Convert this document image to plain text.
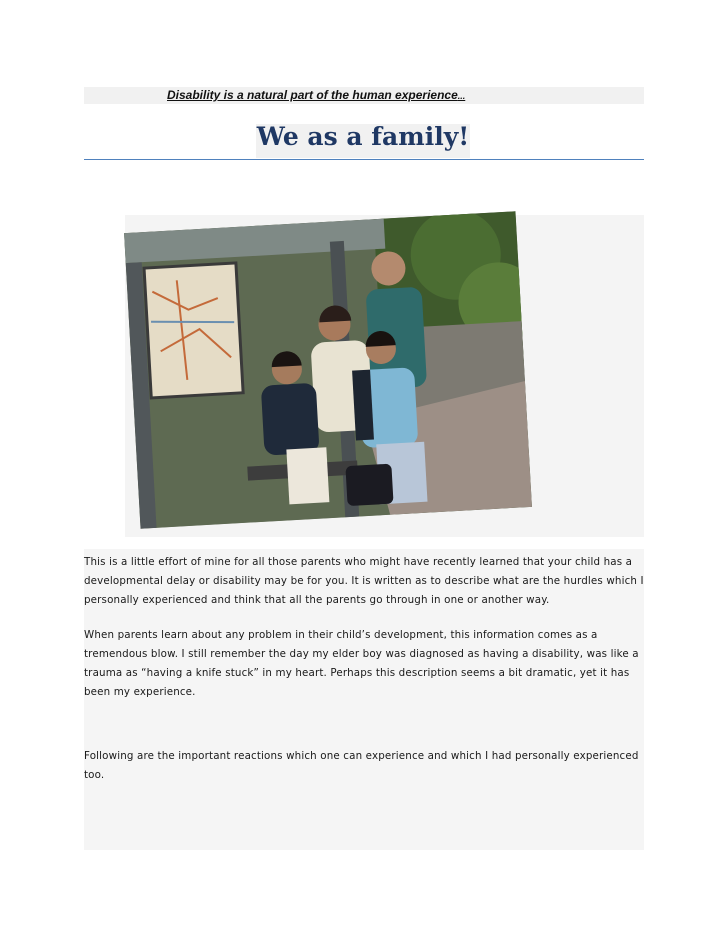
Disability is a natural part of the human experience...
We as a family!

This is a little effort of mine for all those parents who might have recently learned that your child has a developmental delay or disability may be for you. It is written as to describe what are the hurdles which I personally experienced and think that all the parents go through in one or another way.

When parents learn about any problem in their child’s development, this information comes as a tremendous blow. I still remember the day my elder boy was diagnosed as having a disability, was like a trauma as “having a knife stuck” in my heart. Perhaps this description seems a bit dramatic, yet it has been my experience.

Following are the important reactions which one can experience and which I had personally experienced too.
